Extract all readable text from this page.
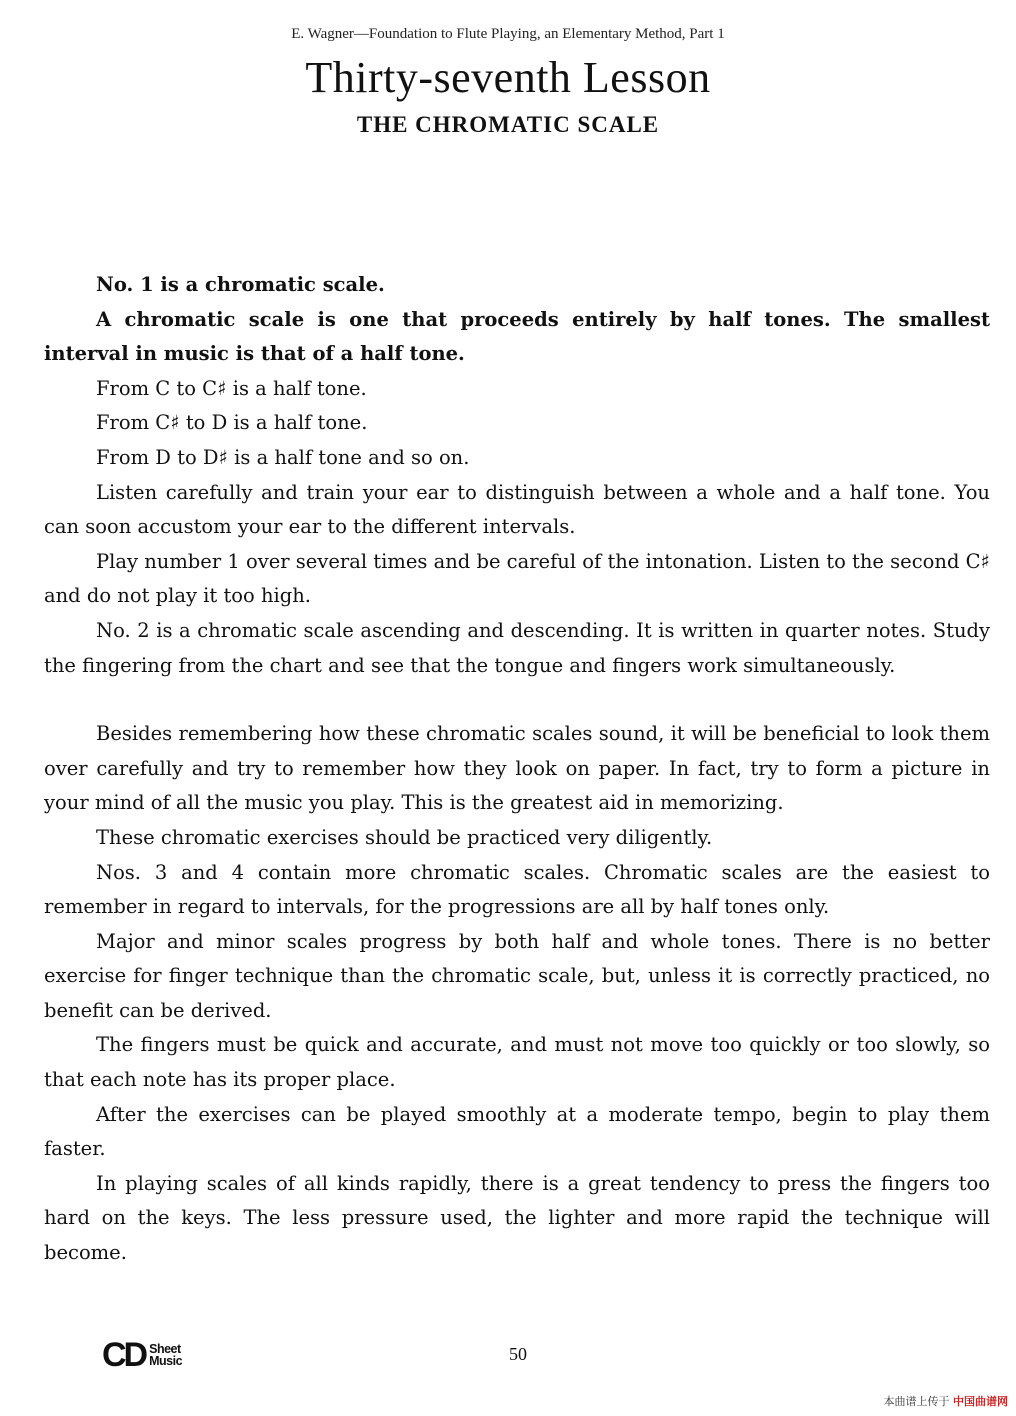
E. Wagner—Foundation to Flute Playing, an Elementary Method, Part 1
Thirty-seventh Lesson
THE CHROMATIC SCALE

No. 1 is a chromatic scale.

A chromatic scale is one that proceeds entirely by half tones. The smallest interval in music is that of a half tone.

From C to C♯ is a half tone.

From C♯ to D is a half tone.

From D to D♯ is a half tone and so on.

Listen carefully and train your ear to distinguish between a whole and a half tone. You can soon accustom your ear to the different intervals.

Play number 1 over several times and be careful of the intonation. Listen to the second C♯ and do not play it too high.

No. 2 is a chromatic scale ascending and descending. It is written in quarter notes. Study the fingering from the chart and see that the tongue and fingers work simultaneously.

Besides remembering how these chromatic scales sound, it will be beneficial to look them over carefully and try to remember how they look on paper. In fact, try to form a picture in your mind of all the music you play. This is the greatest aid in memorizing.

These chromatic exercises should be practiced very diligently.

Nos. 3 and 4 contain more chromatic scales. Chromatic scales are the easiest to remember in regard to intervals, for the progressions are all by half tones only.

Major and minor scales progress by both half and whole tones. There is no better exercise for finger technique than the chromatic scale, but, unless it is correctly practiced, no benefit can be derived.

The fingers must be quick and accurate, and must not move too quickly or too slowly, so that each note has its proper place.

After the exercises can be played smoothly at a moderate tempo, begin to play them faster.

In playing scales of all kinds rapidly, there is a great tendency to press the fingers too hard on the keys. The less pressure used, the lighter and more rapid the technique will become.

CD Sheet
Music	50
本曲谱上传于 中国曲谱网
